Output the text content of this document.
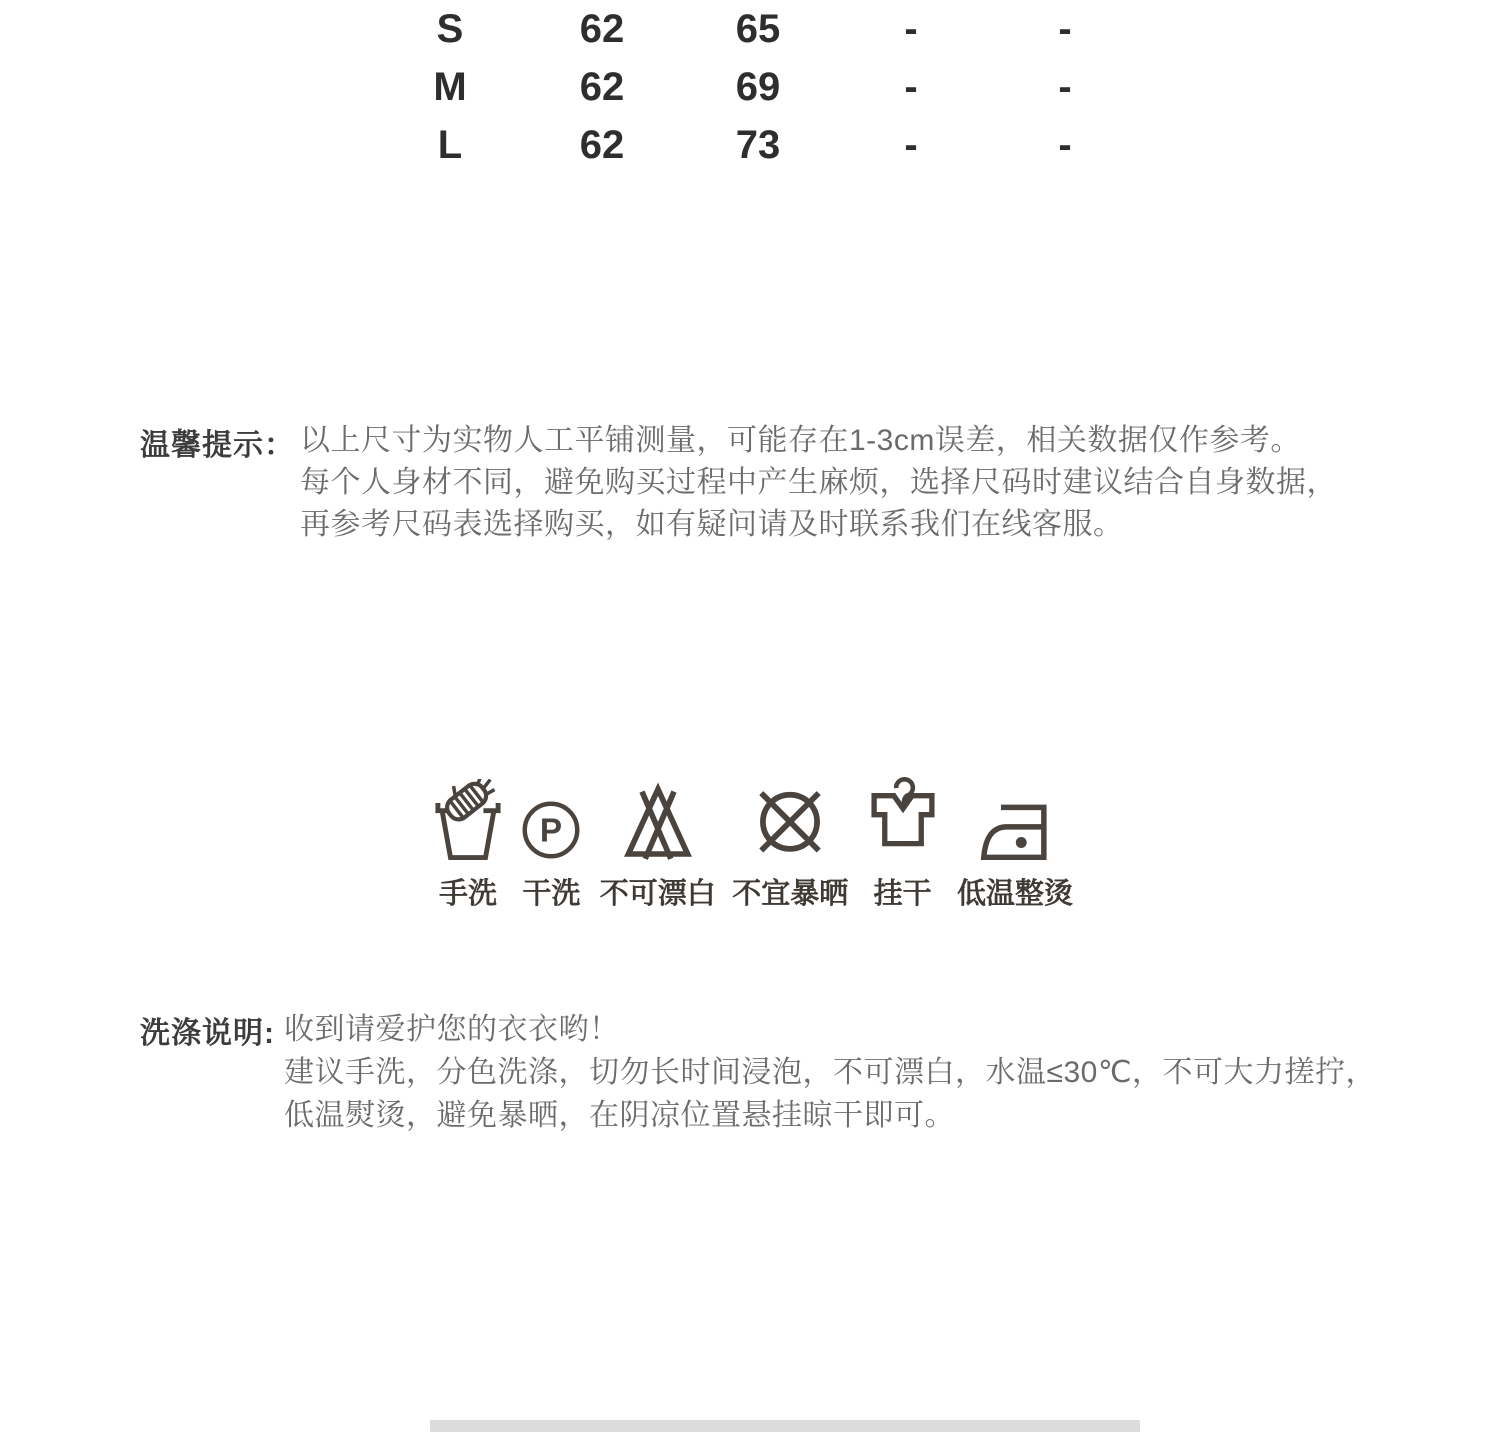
S	62	65	-	-
M	62	69	-	-
L	62	73	-	-
温馨提示： 以上尺寸为实物人工平铺测量，可能存在1-3cm误差，相关数据仅作参考。
每个人身材不同，避免购买过程中产生麻烦，选择尺码时建议结合自身数据，
再参考尺码表选择购买，如有疑问请及时联系我们在线客服。
手洗
P
干洗 不可漂白 不宜暴晒 挂干 低温整烫
洗涤说明: 收到请爱护您的衣衣哟！
建议手洗，分色洗涤，切勿长时间浸泡，不可漂白，水温≤30℃，不可大力搓拧，
低温熨烫，避免暴晒，在阴凉位置悬挂晾干即可。
